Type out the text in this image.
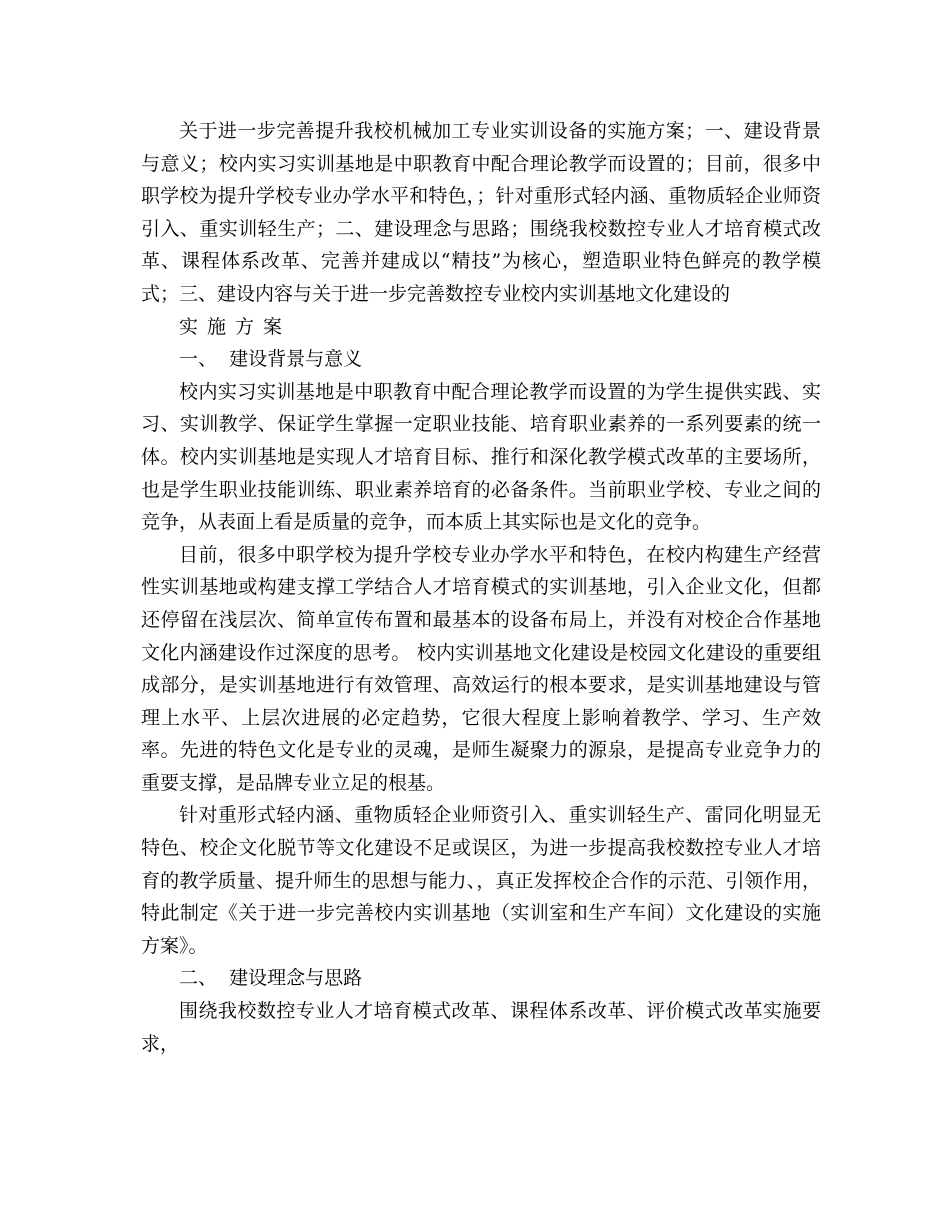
关于进一步完善提升我校机械加工专业实训设备的实施方案；一、建设背景与意义；校内实习实训基地是中职教育中配合理论教学而设置的；目前，很多中职学校为提升学校专业办学水平和特色，；针对重形式轻内涵、重物质轻企业师资引入、重实训轻生产；二、建设理念与思路；围绕我校数控专业人才培育模式改革、课程体系改革、完善并建成以“精技”为核心，塑造职业特色鲜亮的教学模式；三、建设内容与关于进一步完善数控专业校内实训基地文化建设的

实施方案

一、  建设背景与意义

校内实习实训基地是中职教育中配合理论教学而设置的为学生提供实践、实习、实训教学、保证学生掌握一定职业技能、培育职业素养的一系列要素的统一体。校内实训基地是实现人才培育目标、推行和深化教学模式改革的主要场所，也是学生职业技能训练、职业素养培育的必备条件。当前职业学校、专业之间的竞争，从表面上看是质量的竞争，而本质上其实际也是文化的竞争。

目前，很多中职学校为提升学校专业办学水平和特色，在校内构建生产经营性实训基地或构建支撑工学结合人才培育模式的实训基地，引入企业文化，但都还停留在浅层次、简单宣传布置和最基本的设备布局上，并没有对校企合作基地文化内涵建设作过深度的思考。 校内实训基地文化建设是校园文化建设的重要组成部分，是实训基地进行有效管理、高效运行的根本要求，是实训基地建设与管理上水平、上层次进展的必定趋势，它很大程度上影响着教学、学习、生产效率。先进的特色文化是专业的灵魂，是师生凝聚力的源泉，是提高专业竞争力的重要支撑，是品牌专业立足的根基。

针对重形式轻内涵、重物质轻企业师资引入、重实训轻生产、雷同化明显无特色、校企文化脱节等文化建设不足或误区，为进一步提高我校数控专业人才培育的教学质量、提升师生的思想与能力、，真正发挥校企合作的示范、引领作用，特此制定《关于进一步完善校内实训基地（实训室和生产车间）文化建设的实施方案》。

二、  建设理念与思路

围绕我校数控专业人才培育模式改革、课程体系改革、评价模式改革实施要求，
